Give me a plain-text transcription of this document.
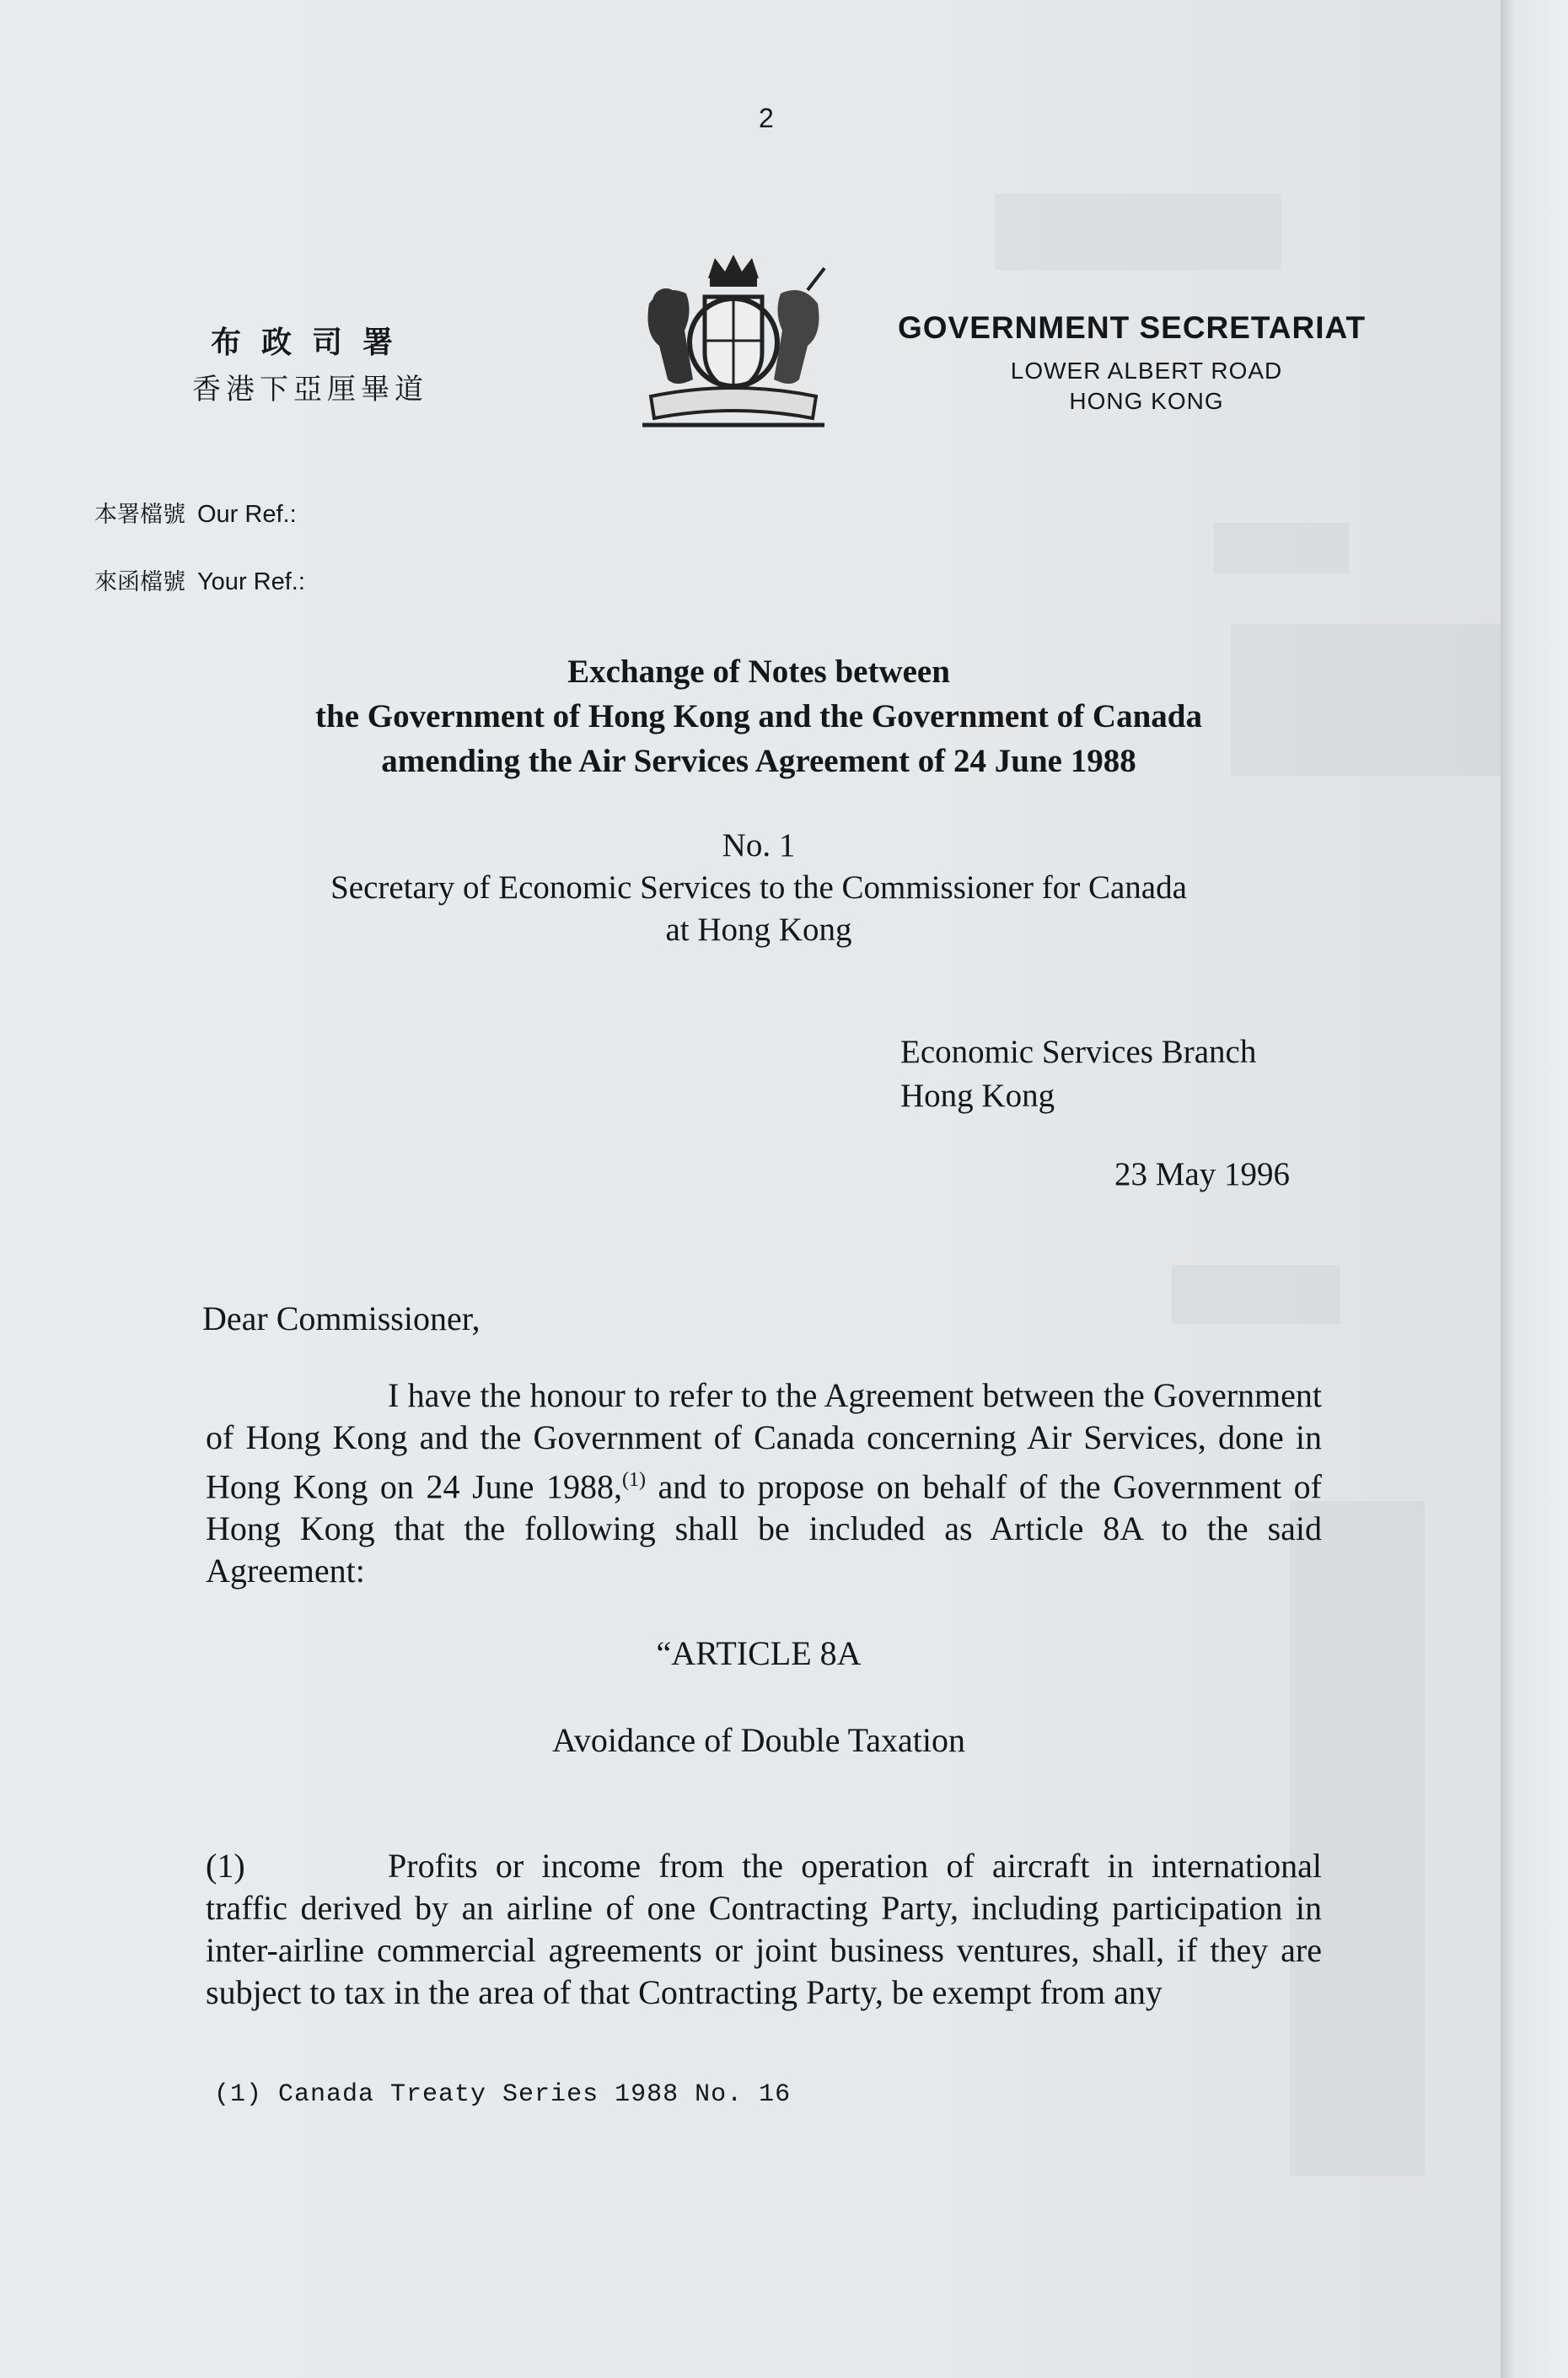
2
布政司署
香港下亞厘畢道
GOVERNMENT SECRETARIAT
LOWER ALBERT ROAD
HONG KONG
本署檔號 Our Ref.:
來函檔號 Your Ref.:
Exchange of Notes between
the Government of Hong Kong and the Government of Canada
amending the Air Services Agreement of 24 June 1988
No. 1
Secretary of Economic Services to the Commissioner for Canada
at Hong Kong
Economic Services Branch
Hong Kong
23 May 1996
Dear Commissioner,
I have the honour to refer to the Agreement between the Government of Hong Kong and the Government of Canada concerning Air Services, done in Hong Kong on 24 June 1988,$^{(1)}$ and to propose on behalf of the Government of Hong Kong that the following shall be included as Article 8A to the said Agreement:
“ARTICLE 8A
Avoidance of Double Taxation
(1)	Profits or income from the operation of aircraft in international traffic derived by an airline of one Contracting Party, including participation in inter-airline commercial agreements or joint business ventures, shall, if they are subject to tax in the area of that Contracting Party, be exempt from any
(1) Canada Treaty Series 1988 No. 16
